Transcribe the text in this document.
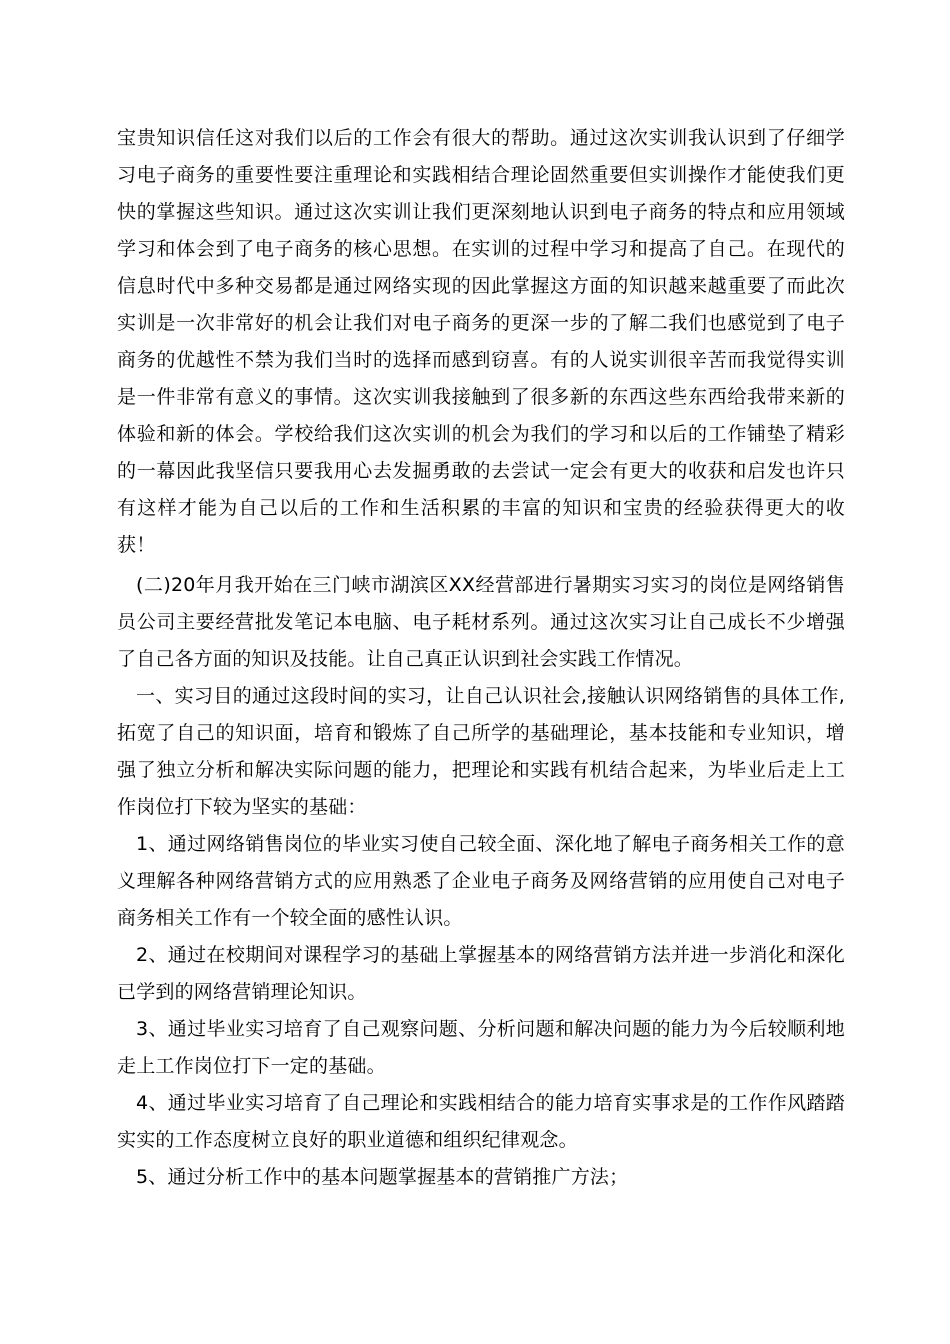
宝贵知识信任这对我们以后的工作会有很大的帮助。通过这次实训我认识到了仔细学习电子商务的重要性要注重理论和实践相结合理论固然重要但实训操作才能使我们更快的掌握这些知识。通过这次实训让我们更深刻地认识到电子商务的特点和应用领域学习和体会到了电子商务的核心思想。在实训的过程中学习和提高了自己。在现代的信息时代中多种交易都是通过网络实现的因此掌握这方面的知识越来越重要了而此次实训是一次非常好的机会让我们对电子商务的更深一步的了解二我们也感觉到了电子商务的优越性不禁为我们当时的选择而感到窃喜。有的人说实训很辛苦而我觉得实训是一件非常有意义的事情。这次实训我接触到了很多新的东西这些东西给我带来新的体验和新的体会。学校给我们这次实训的机会为我们的学习和以后的工作铺垫了精彩的一幕因此我坚信只要我用心去发掘勇敢的去尝试一定会有更大的收获和启发也许只有这样才能为自己以后的工作和生活积累的丰富的知识和宝贵的经验获得更大的收获！

(二)20年月我开始在三门峡市湖滨区XX经营部进行暑期实习实习的岗位是网络销售员公司主要经营批发笔记本电脑、电子耗材系列。通过这次实习让自己成长不少增强了自己各方面的知识及技能。让自己真正认识到社会实践工作情况。

一、实习目的通过这段时间的实习，让自己认识社会,接触认识网络销售的具体工作,拓宽了自己的知识面，培育和锻炼了自己所学的基础理论，基本技能和专业知识，增强了独立分析和解决实际问题的能力，把理论和实践有机结合起来，为毕业后走上工作岗位打下较为坚实的基础：

1、通过网络销售岗位的毕业实习使自己较全面、深化地了解电子商务相关工作的意义理解各种网络营销方式的应用熟悉了企业电子商务及网络营销的应用使自己对电子商务相关工作有一个较全面的感性认识。

2、通过在校期间对课程学习的基础上掌握基本的网络营销方法并进一步消化和深化已学到的网络营销理论知识。

3、通过毕业实习培育了自己观察问题、分析问题和解决问题的能力为今后较顺利地走上工作岗位打下一定的基础。

4、通过毕业实习培育了自己理论和实践相结合的能力培育实事求是的工作作风踏踏实实的工作态度树立良好的职业道德和组织纪律观念。

5、通过分析工作中的基本问题掌握基本的营销推广方法；
